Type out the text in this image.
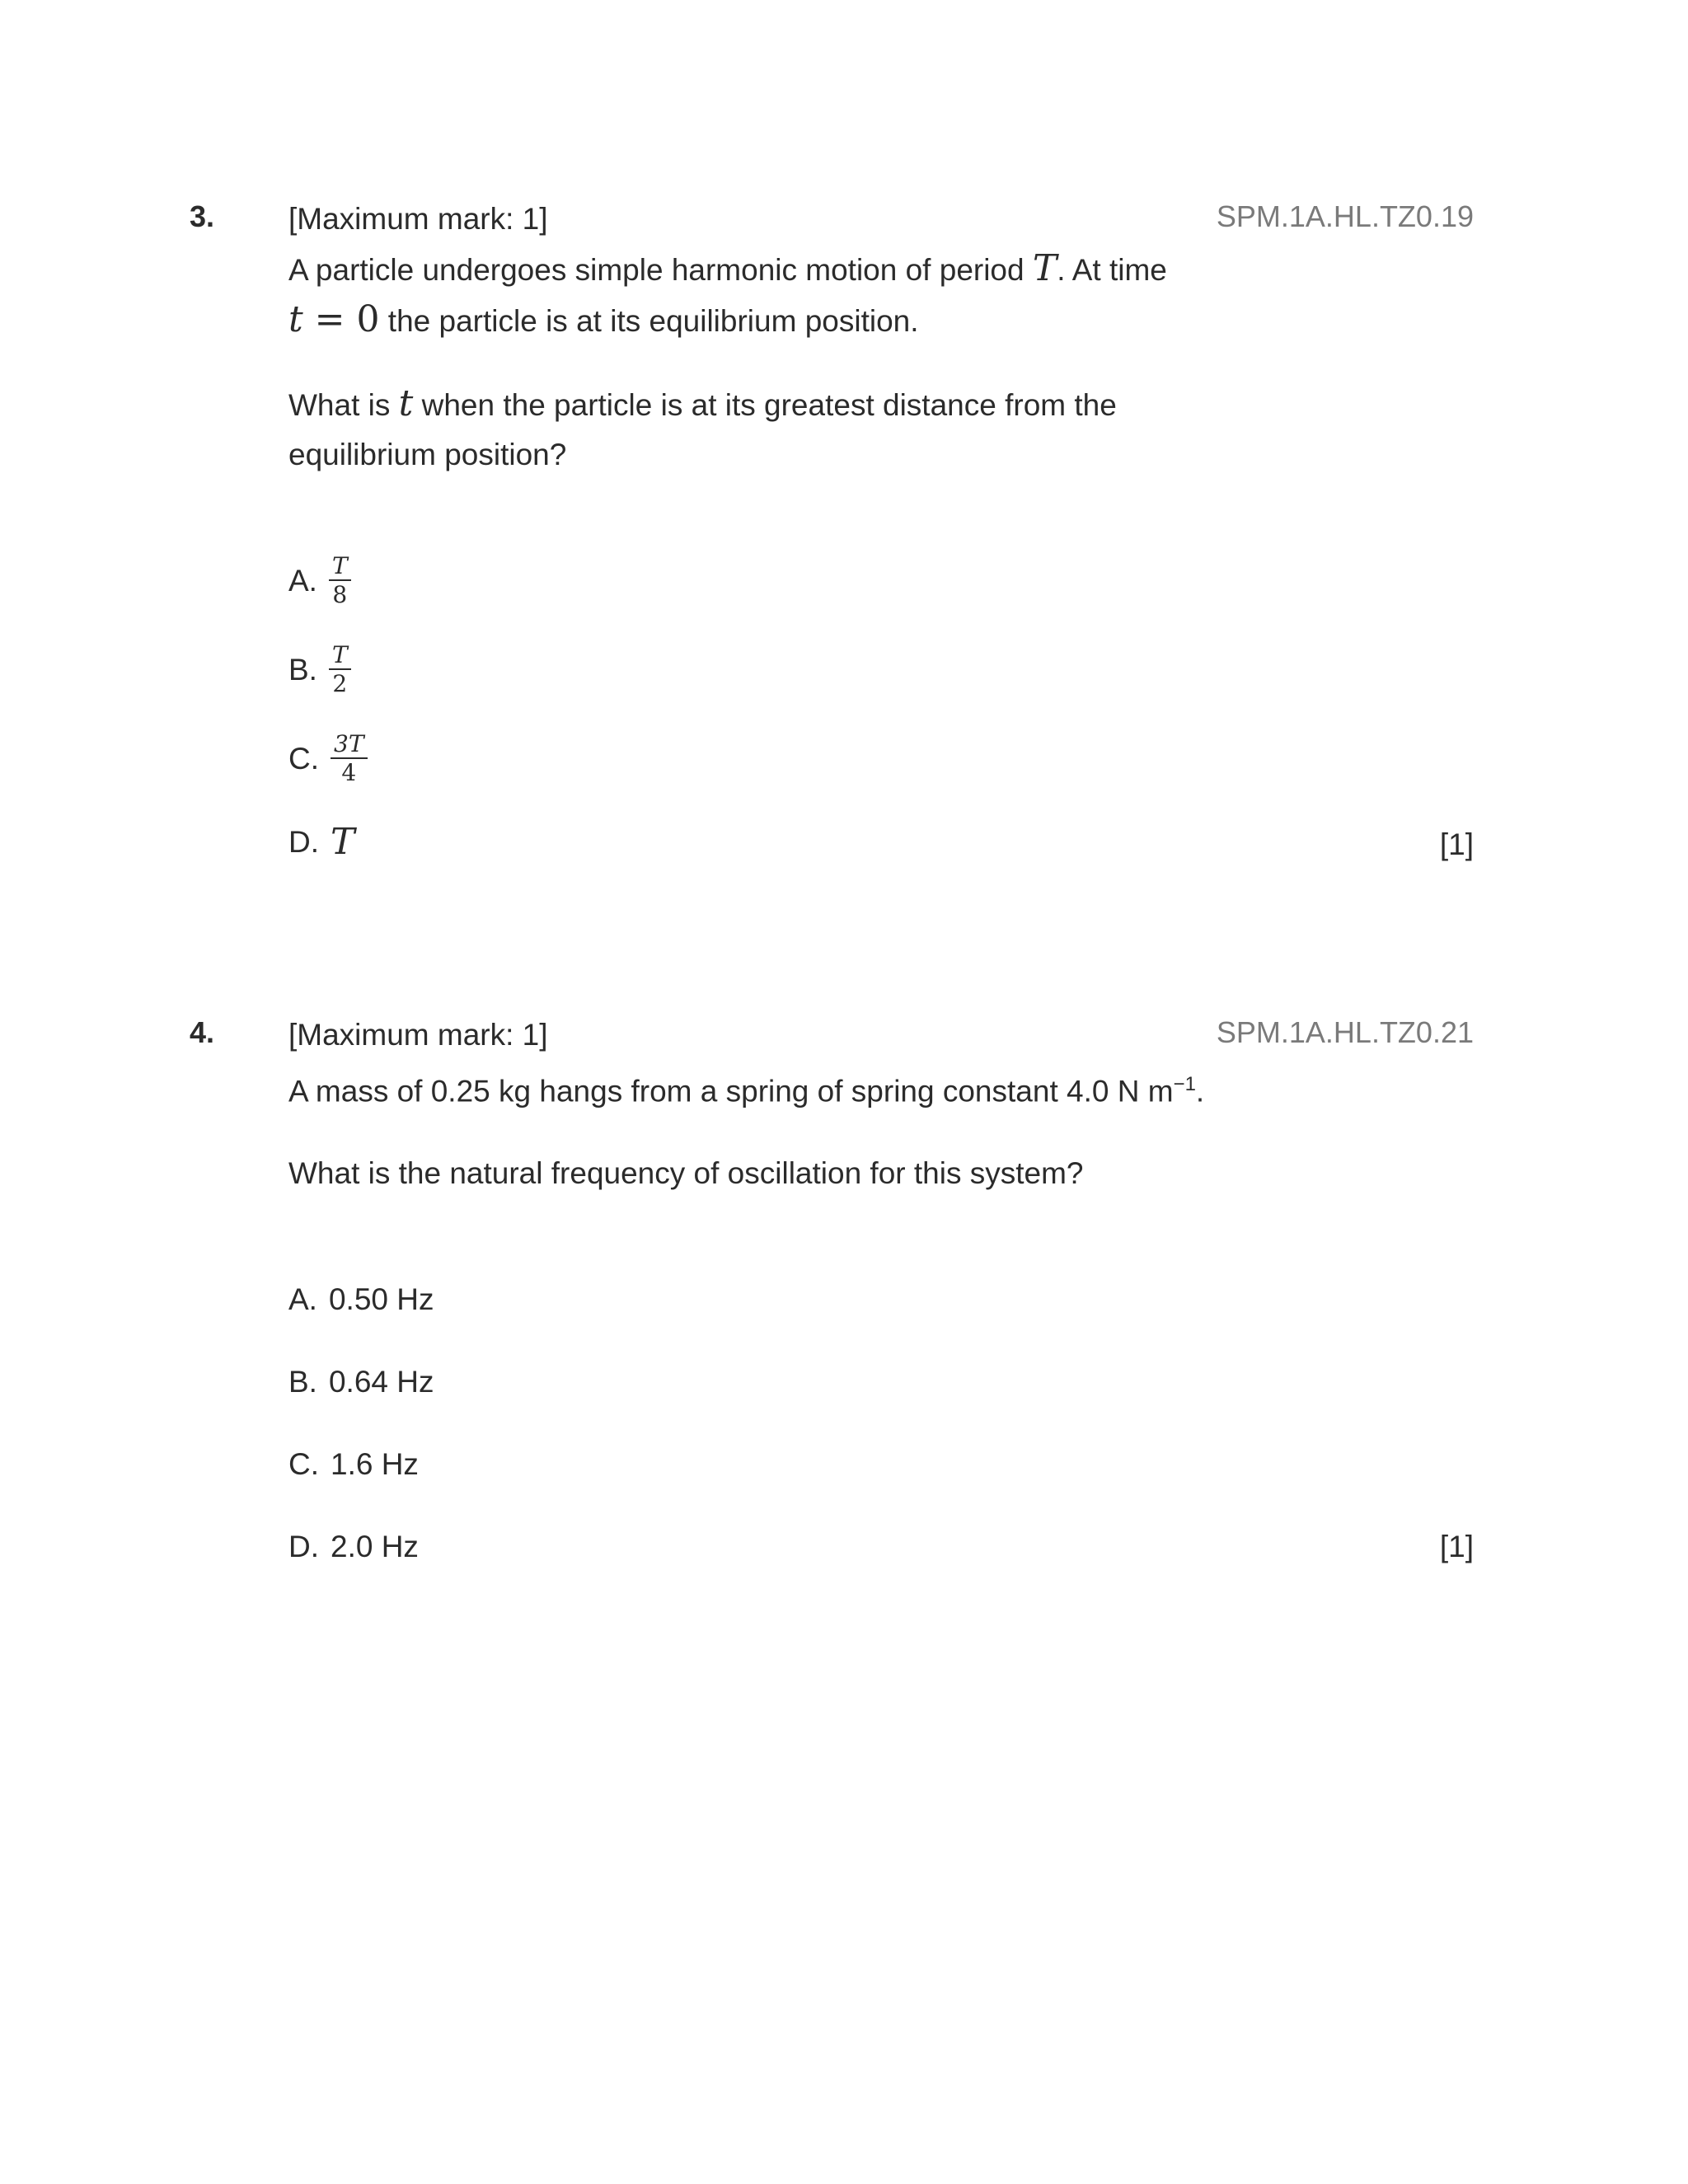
3.	SPM.1A.HL.TZ0.19
[Maximum mark: 1]
A particle undergoes simple harmonic motion of period T. At time
t = 0 the particle is at its equilibrium position.
What is t when the particle is at its greatest distance from the
equilibrium position?
A. $\frac{T}{8}$
B. $\frac{T}{2}$
C. $\frac{3T}{4}$
D. T	[1]
4.	SPM.1A.HL.TZ0.21
[Maximum mark: 1]
A mass of 0.25 kg hangs from a spring of spring constant 4.0 N $m^{-1}$.
What is the natural frequency of oscillation for this system?
A. 0.50 Hz
B. 0.64 Hz
C. 1.6 Hz
D. 2.0 Hz	[1]
